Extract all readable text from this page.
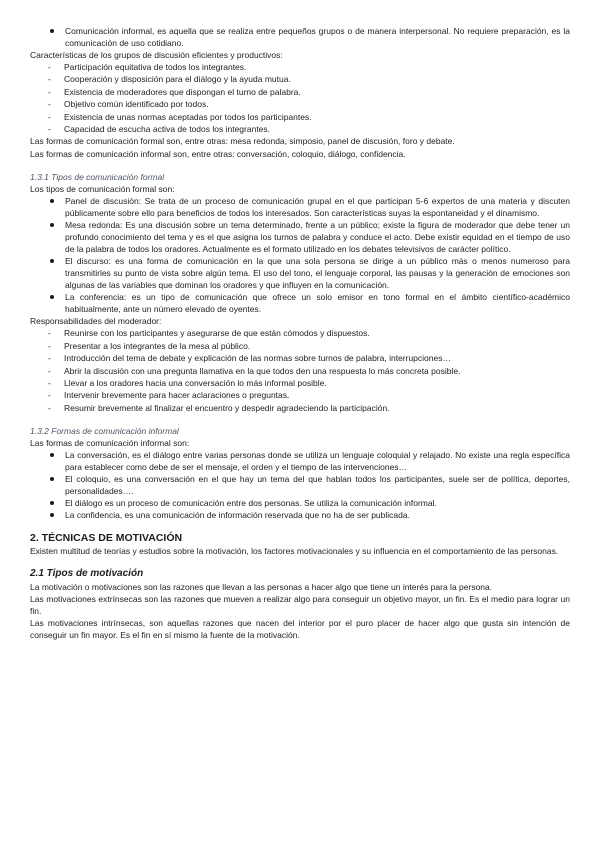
Comunicación informal, es aquella que se realiza entre pequeños grupos o de manera interpersonal. No requiere preparación, es la comunicación de uso cotidiano.

Características de los grupos de discusión eficientes y productivos:

- Participación equitativa de todos los integrantes.
- Cooperación y disposición para el diálogo y la ayuda mutua.
- Existencia de moderadores que dispongan el turno de palabra.
- Objetivo común identificado por todos.
- Existencia de unas normas aceptadas por todos los participantes.
- Capacidad de escucha activa de todos los integrantes.

Las formas de comunicación formal son, entre otras: mesa redonda, simposio, panel de discusión, foro y debate.

Las formas de comunicación informal son, entre otras: conversación, coloquio, diálogo, confidencia.

1.3.1 Tipos de comunicación formal

Los tipos de comunicación formal son:

Panel de discusión: Se trata de un proceso de comunicación grupal en el que participan 5-6 expertos de una materia y discuten públicamente sobre ello para beneficios de todos los interesados. Son características suyas la espontaneidad y el dinamismo.
Mesa redonda: Es una discusión sobre un tema determinado, frente a un público; existe la figura de moderador que debe tener un profundo conocimiento del tema y es el que asigna los turnos de palabra y conduce el acto. Debe existir equidad en el tiempo de uso de la palabra de todos los oradores. Actualmente es el formato utilizado en los debates televisivos de carácter político.
El discurso: es una forma de comunicación en la que una sola persona se dirige a un público más o menos numeroso para transmitirles su punto de vista sobre algún tema. El uso del tono, el lenguaje corporal, las pausas y la generación de emociones son algunas de las variables que dominan los oradores y que influyen en la comunicación.
La conferencia: es un tipo de comunicación que ofrece un solo emisor en tono formal en el ámbito científico-académico habitualmente, ante un número elevado de oyentes.

Responsabilidades del moderador:

- Reunirse con los participantes y asegurarse de que están cómodos y dispuestos.
- Presentar a los integrantes de la mesa al público.
- Introducción del tema de debate y explicación de las normas sobre turnos de palabra, interrupciones…
- Abrir la discusión con una pregunta llamativa en la que todos den una respuesta lo más concreta posible.
- Llevar a los oradores hacia una conversación lo más informal posible.
- Intervenir brevemente para hacer aclaraciones o preguntas.
- Resumir brevemente al finalizar el encuentro y despedir agradeciendo la participación.

1.3.2 Formas de comunicación informal

Las formas de comunicación informal son:

La conversación, es el diálogo entre varias personas donde se utiliza un lenguaje coloquial y relajado. No existe una regla específica para establecer como debe de ser el mensaje, el orden y el tiempo de las intervenciones…
El coloquio, es una conversación en el que hay un tema del que hablan todos los participantes, suele ser de política, deportes, personalidades….
El diálogo es un proceso de comunicación entre dos personas. Se utiliza la comunicación informal.
La confidencia, es una comunicación de información reservada que no ha de ser publicada.

2. TÉCNICAS DE MOTIVACIÓN

Existen multitud de teorías y estudios sobre la motivación, los factores motivacionales y su influencia en el comportamiento de las personas.

2.1 Tipos de motivación

La motivación o motivaciones son las razones que llevan a las personas a hacer algo que tiene un interés para la persona.

Las motivaciones extrínsecas son las razones que mueven a realizar algo para conseguir un objetivo mayor, un fin. Es el medio para lograr un fin.

Las motivaciones intrínsecas, son aquellas razones que nacen del interior por el puro placer de hacer algo que gusta sin intención de conseguir un fin mayor. Es el fin en sí mismo la fuente de la motivación.
